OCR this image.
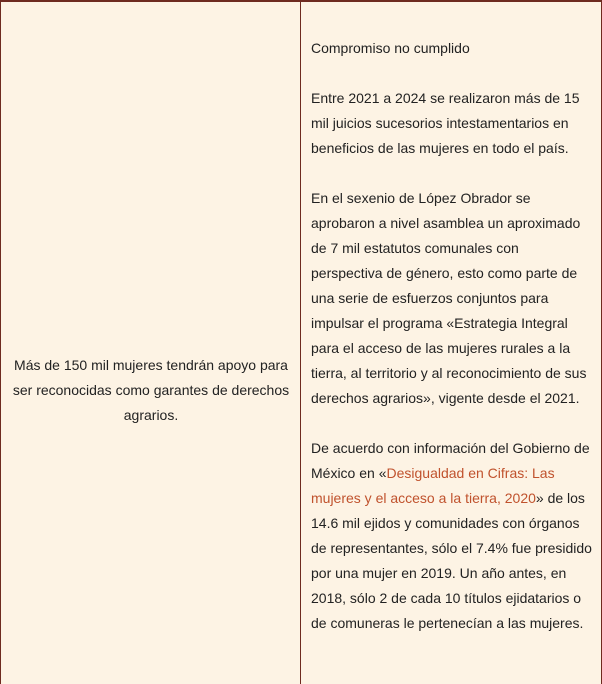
Más de 150 mil mujeres tendrán apoyo para ser reconocidas como garantes de derechos agrarios.

Compromiso no cumplido

Entre 2021 a 2024 se realizaron más de 15 mil juicios sucesorios intestamentarios en beneficios de las mujeres en todo el país.

En el sexenio de López Obrador se aprobaron a nivel asamblea un aproximado de 7 mil estatutos comunales con perspectiva de género, esto como parte de una serie de esfuerzos conjuntos para impulsar el programa «Estrategia Integral para el acceso de las mujeres rurales a la tierra, al territorio y al reconocimiento de sus derechos agrarios», vigente desde el 2021.

De acuerdo con información del Gobierno de México en «Desigualdad en Cifras: Las mujeres y el acceso a la tierra, 2020» de los 14.6 mil ejidos y comunidades con órganos de representantes, sólo el 7.4% fue presidido por una mujer en 2019. Un año antes, en 2018, sólo 2 de cada 10 títulos ejidatarios o de comuneras le pertenecían a las mujeres.
